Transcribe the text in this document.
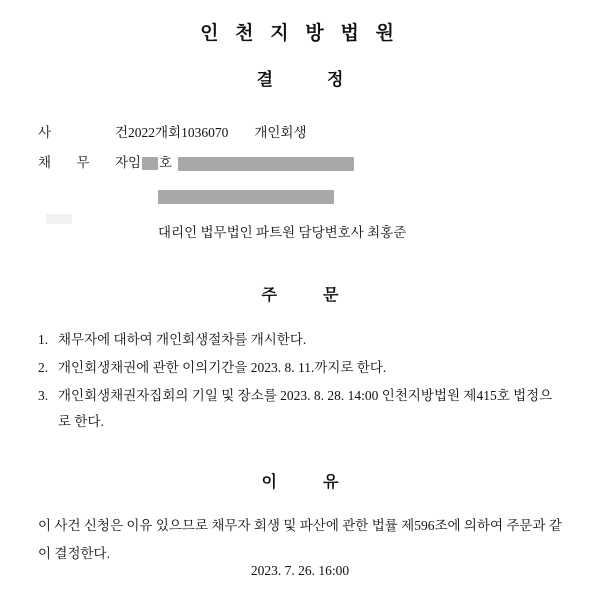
인 천 지 방 법 원
결	정
사	건 2022개회1036070 개인회생
채 무 자 임 호
대리인 법무법인 파트원 담당변호사 최홍준
주	문
1. 채무자에 대하여 개인회생절차를 개시한다.
2. 개인회생채권에 관한 이의기간을 2023. 8. 11.까지로 한다.
3. 개인회생채권자집회의 기일 및 장소를 2023. 8. 28. 14:00 인천지방법원 제415호 법정으로 한다.
이	유
이 사건 신청은 이유 있으므로 채무자 회생 및 파산에 관한 법률 제596조에 의하여 주문과 같이 결정한다.
2023. 7. 26. 16:00
